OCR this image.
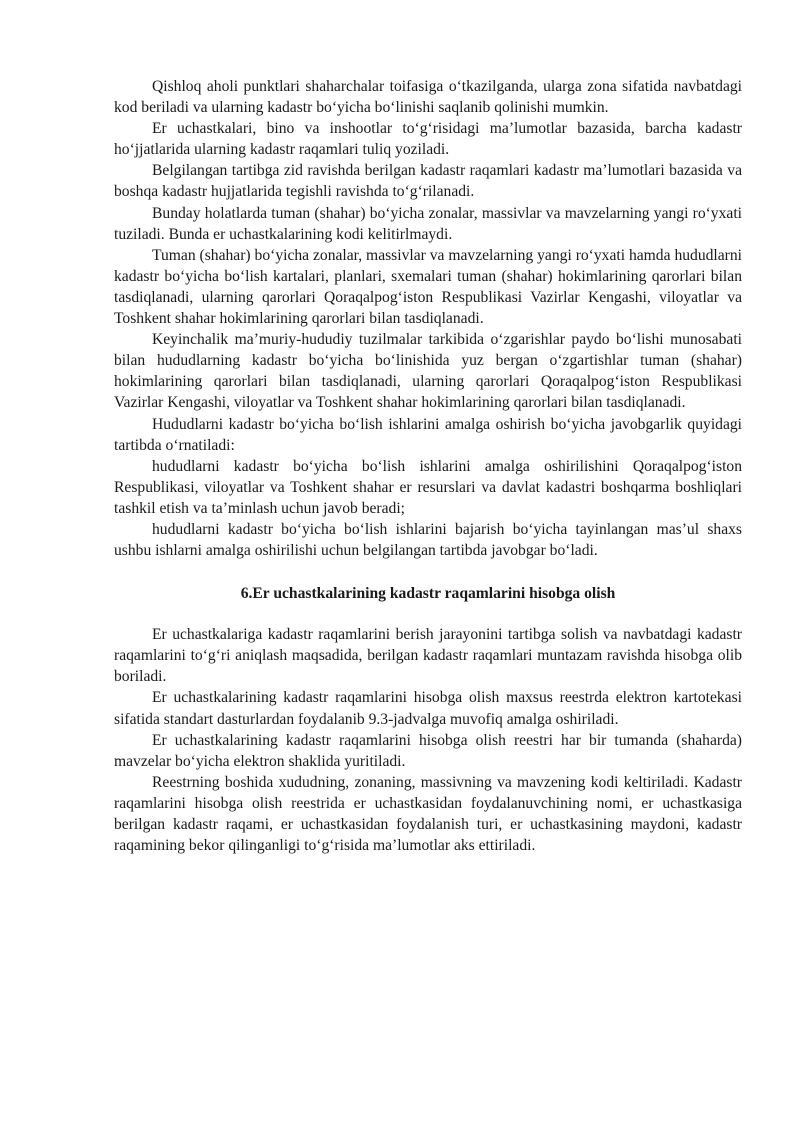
Qishloq aholi punktlari shaharchalar toifasiga o‘tkazilganda, ularga zona sifatida navbatdagi kod beriladi va ularning kadastr bo‘yicha bo‘linishi saqlanib qolinishi mumkin.

Er uchastkalari, bino va inshootlar to‘g‘risidagi ma’lumotlar bazasida, barcha kadastr ho‘jjatlarida ularning kadastr raqamlari tuliq yoziladi.

Belgilangan tartibga zid ravishda berilgan kadastr raqamlari kadastr ma’lumotlari bazasida va boshqa kadastr hujjatlarida tegishli ravishda to‘g‘rilanadi.

Bunday holatlarda tuman (shahar) bo‘yicha zonalar, massivlar va mavzelarning yangi ro‘yxati tuziladi. Bunda er uchastkalarining kodi kelitirlmaydi.

Tuman (shahar) bo‘yicha zonalar, massivlar va mavzelarning yangi ro‘yxati hamda hududlarni kadastr bo‘yicha bo‘lish kartalari, planlari, sxemalari tuman (shahar) hokimlarining qarorlari bilan tasdiqlanadi, ularning qarorlari Qoraqalpog‘iston Respublikasi Vazirlar Kengashi, viloyatlar va Toshkent shahar hokimlarining qarorlari bilan tasdiqlanadi.

Keyinchalik ma’muriy-hududiy tuzilmalar tarkibida o‘zgarishlar paydo bo‘lishi munosabati bilan hududlarning kadastr bo‘yicha bo‘linishida yuz bergan o‘zgartishlar tuman (shahar) hokimlarining qarorlari bilan tasdiqlanadi, ularning qarorlari Qoraqalpog‘iston Respublikasi Vazirlar Kengashi, viloyatlar va Toshkent shahar hokimlarining qarorlari bilan tasdiqlanadi.

Hududlarni kadastr bo‘yicha bo‘lish ishlarini amalga oshirish bo‘yicha javobgarlik quyidagi tartibda o‘rnatiladi:

hududlarni kadastr bo‘yicha bo‘lish ishlarini amalga oshirilishini Qoraqalpog‘iston Respublikasi, viloyatlar va Toshkent shahar er resurslari va davlat kadastri boshqarma boshliqlari tashkil etish va ta’minlash uchun javob beradi;

hududlarni kadastr bo‘yicha bo‘lish ishlarini bajarish bo‘yicha tayinlangan mas’ul shaxs ushbu ishlarni amalga oshirilishi uchun belgilangan tartibda javobgar bo‘ladi.

6.Er uchastkalarining kadastr raqamlarini hisobga olish

Er uchastkalariga kadastr raqamlarini berish jarayonini tartibga solish va navbatdagi kadastr raqamlarini to‘g‘ri aniqlash maqsadida, berilgan kadastr raqamlari muntazam ravishda hisobga olib boriladi.

Er uchastkalarining kadastr raqamlarini hisobga olish maxsus reestrda elektron kartotekasi sifatida standart dasturlardan foydalanib 9.3-jadvalga muvofiq amalga oshiriladi.

Er uchastkalarining kadastr raqamlarini hisobga olish reestri har bir tumanda (shaharda) mavzelar bo‘yicha elektron shaklida yuritiladi.

Reestrning boshida xududning, zonaning, massivning va mavzening kodi keltiriladi. Kadastr raqamlarini hisobga olish reestrida er uchastkasidan foydalanuvchining nomi, er uchastkasiga berilgan kadastr raqami, er uchastkasidan foydalanish turi, er uchastkasining maydoni, kadastr raqamining bekor qilinganligi to‘g‘risida ma’lumotlar aks ettiriladi.
